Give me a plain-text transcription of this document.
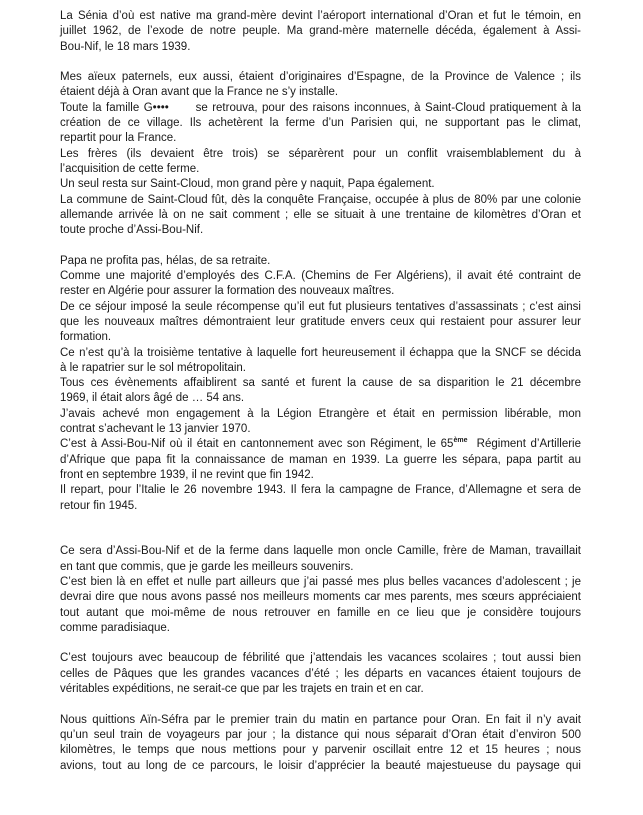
La Sénia d’où est native ma grand-mère devint l’aéroport international d’Oran et fut le témoin, en
juillet 1962, de l’exode de notre peuple. Ma grand-mère maternelle décéda, également à Assi-
Bou-Nif, le 18 mars 1939.
Mes aïeux paternels, eux aussi, étaient d’originaires d’Espagne, de la Province de Valence ; ils
étaient déjà à Oran avant que la France ne s’y installe.
Toute la famille G••••      se retrouva, pour des raisons inconnues, à Saint-Cloud pratiquement à la
création de ce village. Ils achetèrent la ferme d’un Parisien qui, ne supportant pas le climat,
repartit pour la France.
Les frères (ils devaient être trois) se séparèrent pour un conflit vraisemblablement du à
l’acquisition de cette ferme.
Un seul resta sur Saint-Cloud, mon grand père y naquit, Papa également.
La commune de Saint-Cloud fût, dès la conquête Française, occupée à plus de 80% par une colonie
allemande arrivée là on ne sait comment ; elle se situait à une trentaine de kilomètres d’Oran et
toute proche d’Assi-Bou-Nif.
Papa ne profita pas, hélas, de sa retraite.
Comme une majorité d’employés des C.F.A. (Chemins de Fer Algériens), il avait été contraint de
rester en Algérie pour assurer la formation des nouveaux maîtres.
De ce séjour imposé la seule récompense qu’il eut fut plusieurs tentatives d’assassinats ; c’est ainsi
que les nouveaux maîtres démontraient leur gratitude envers ceux qui restaient pour assurer leur
formation.
Ce n’est qu’à la troisième tentative à laquelle fort heureusement il échappa que la SNCF se décida
à le rapatrier sur le sol métropolitain.
Tous ces évènements affaiblirent sa santé et furent la cause de sa disparition le 21 décembre
1969, il était alors âgé de … 54 ans.
J’avais achevé mon engagement à la Légion Etrangère et était en permission libérable, mon
contrat s’achevant le 13 janvier 1970.
C’est à Assi-Bou-Nif où il était en cantonnement avec son Régiment, le 65ème  Régiment d’Artillerie
d’Afrique que papa fit la connaissance de maman en 1939. La guerre les sépara, papa partit au
front en septembre 1939, il ne revint que fin 1942.
Il repart, pour l’Italie le 26 novembre 1943. Il fera la campagne de France, d’Allemagne et sera de
retour fin 1945.
Ce sera d’Assi-Bou-Nif et de la ferme dans laquelle mon oncle Camille, frère de Maman, travaillait
en tant que commis, que je garde les meilleurs souvenirs.
C’est bien là en effet et nulle part ailleurs que j’ai passé mes plus belles vacances d’adolescent ; je
devrai dire que nous avons passé nos meilleurs moments car mes parents, mes sœurs appréciaient
tout autant que moi-même de nous retrouver en famille en ce lieu que je considère toujours
comme paradisiaque.
C’est toujours avec beaucoup de fébrilité que j’attendais les vacances scolaires ; tout aussi bien
celles de Pâques que les grandes vacances d’été ; les départs en vacances étaient toujours de
véritables expéditions, ne serait-ce que par les trajets en train et en car.
Nous quittions Aïn-Séfra par le premier train du matin en partance pour Oran. En fait il n’y avait
qu’un seul train de voyageurs par jour ; la distance qui nous séparait d’Oran était d’environ 500
kilomètres, le temps que nous mettions pour y parvenir oscillait entre 12 et 15 heures ; nous
avions, tout au long de ce parcours, le loisir d’apprécier la beauté majestueuse du paysage qui
